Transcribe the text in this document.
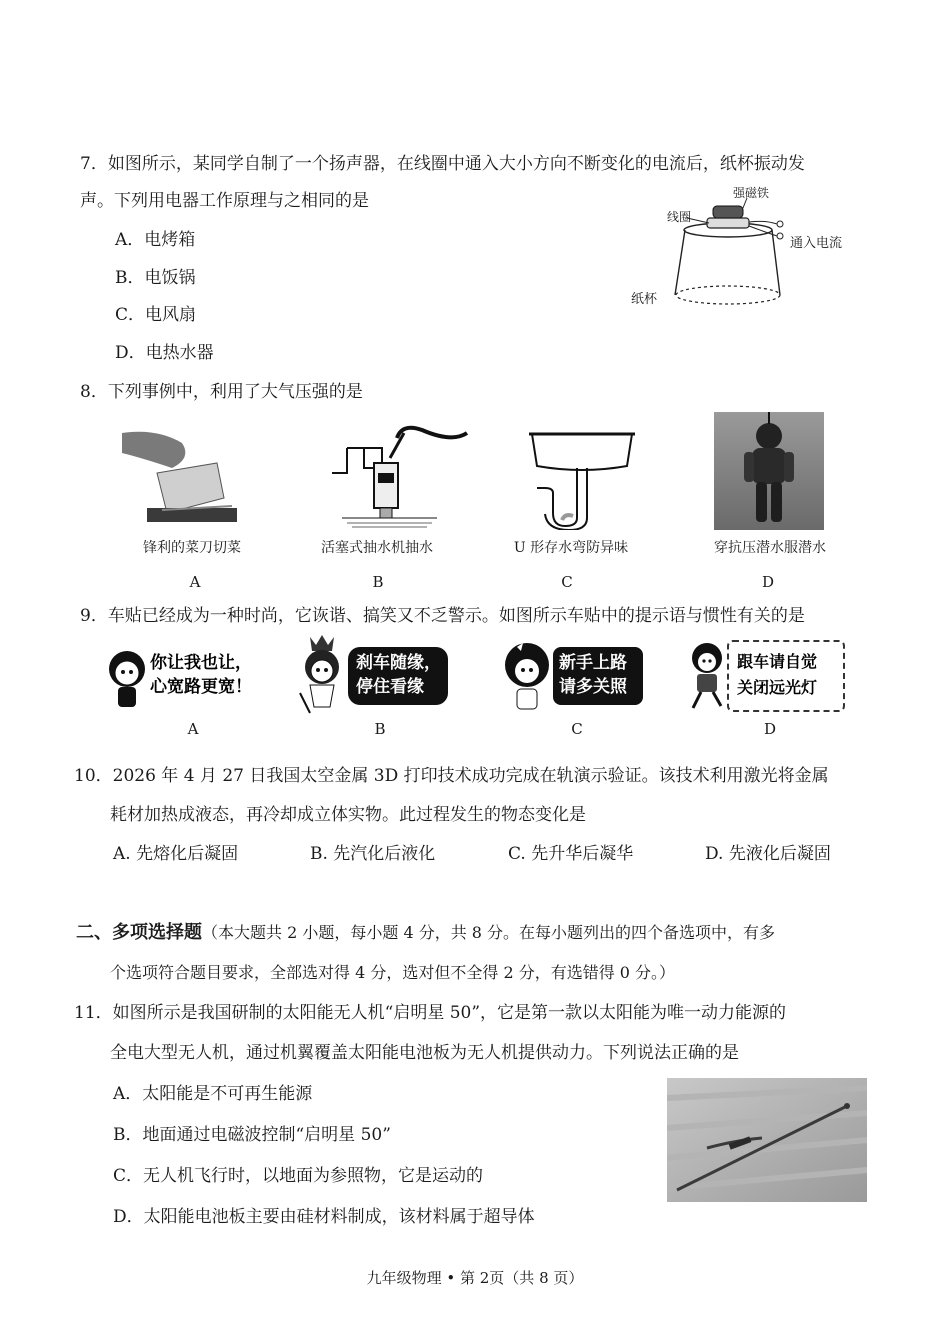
7．如图所示，某同学自制了一个扬声器，在线圈中通入大小方向不断变化的电流后，纸杯振动发
声。下列用电器工作原理与之相同的是
A．电烤箱
B．电饭锅
C．电风扇
D．电热水器
强磁铁
线圈
通入电流
纸杯
8．下列事例中，利用了大气压强的是
锋利的菜刀切菜	活塞式抽水机抽水	U 形存水弯防异味	穿抗压潜水服潜水
A	B	C	D
9．车贴已经成为一种时尚，它诙谐、搞笑又不乏警示。如图所示车贴中的提示语与惯性有关的是
你让我也让，
心宽路更宽！
刹车随缘，
停住看缘
新手上路
请多关照
跟车请自觉
关闭远光灯
A	B	C	D
10．2026 年 4 月 27 日我国太空金属 3D 打印技术成功完成在轨演示验证。该技术利用激光将金属
耗材加热成液态，再冷却成立体实物。此过程发生的物态变化是
A. 先熔化后凝固	B. 先汽化后液化	C. 先升华后凝华	D. 先液化后凝固
二、多项选择题（本大题共 2 小题，每小题 4 分，共 8 分。在每小题列出的四个备选项中，有多
个选项符合题目要求，全部选对得 4 分，选对但不全得 2 分，有选错得 0 分。）
11．如图所示是我国研制的太阳能无人机“启明星 50”，它是第一款以太阳能为唯一动力能源的
全电大型无人机，通过机翼覆盖太阳能电池板为无人机提供动力。下列说法正确的是
A．太阳能是不可再生能源
B．地面通过电磁波控制“启明星 50”
C．无人机飞行时，以地面为参照物，它是运动的
D．太阳能电池板主要由硅材料制成，该材料属于超导体
九年级物理 • 第 2页（共 8 页）
